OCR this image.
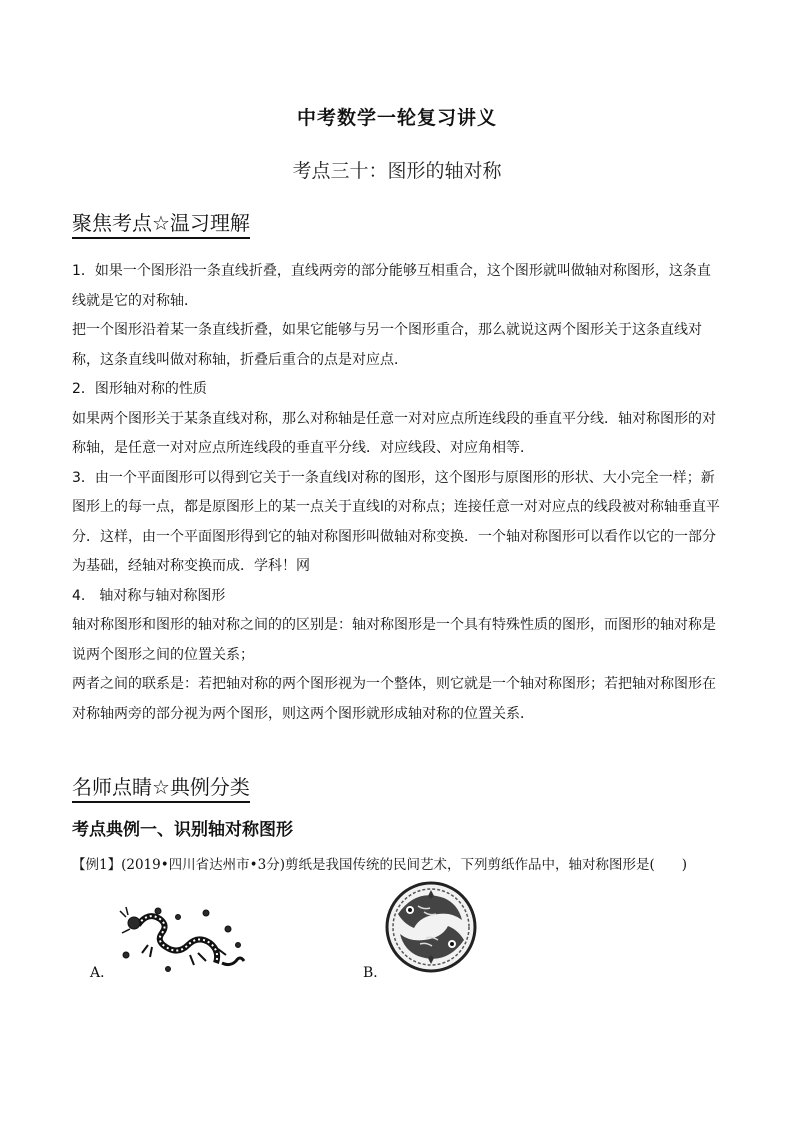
中考数学一轮复习讲义
考点三十：图形的轴对称
聚焦考点☆温习理解

1．如果一个图形沿一条直线折叠，直线两旁的部分能够互相重合，这个图形就叫做轴对称图形，这条直线就是它的对称轴．

把一个图形沿着某一条直线折叠，如果它能够与另一个图形重合，那么就说这两个图形关于这条直线对称，这条直线叫做对称轴，折叠后重合的点是对应点．

2．图形轴对称的性质

如果两个图形关于某条直线对称，那么对称轴是任意一对对应点所连线段的垂直平分线．轴对称图形的对称轴，是任意一对对应点所连线段的垂直平分线．对应线段、对应角相等．

3．由一个平面图形可以得到它关于一条直线l对称的图形，这个图形与原图形的形状、大小完全一样；新图形上的每一点，都是原图形上的某一点关于直线l的对称点；连接任意一对对应点的线段被对称轴垂直平分．这样，由一个平面图形得到它的轴对称图形叫做轴对称变换．一个轴对称图形可以看作以它的一部分为基础，经轴对称变换而成．学科！网

4.　轴对称与轴对称图形

轴对称图形和图形的轴对称之间的的区别是：轴对称图形是一个具有特殊性质的图形，而图形的轴对称是说两个图形之间的位置关系；

两者之间的联系是：若把轴对称的两个图形视为一个整体，则它就是一个轴对称图形；若把轴对称图形在对称轴两旁的部分视为两个图形，则这两个图形就形成轴对称的位置关系．

名师点睛☆典例分类
考点典例一、识别轴对称图形
【例1】(2019•四川省达州市•3分)剪纸是我国传统的民间艺术，下列剪纸作品中，轴对称图形是(　　)
A．	B．
